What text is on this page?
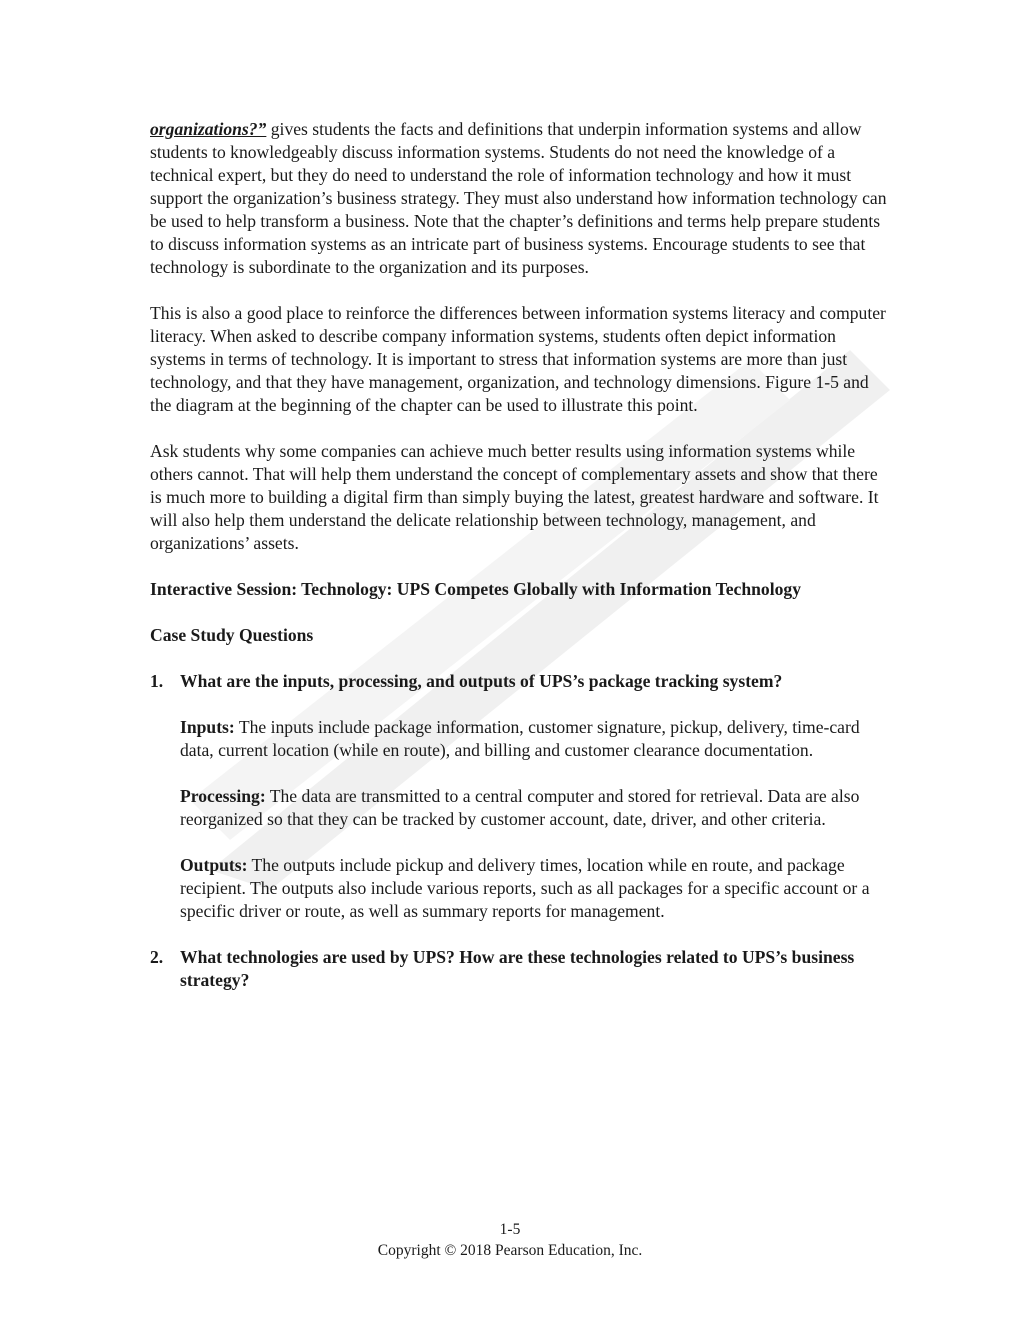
organizations?” gives students the facts and definitions that underpin information systems and allow students to knowledgeably discuss information systems. Students do not need the knowledge of a technical expert, but they do need to understand the role of information technology and how it must support the organization’s business strategy. They must also understand how information technology can be used to help transform a business. Note that the chapter’s definitions and terms help prepare students to discuss information systems as an intricate part of business systems. Encourage students to see that technology is subordinate to the organization and its purposes.

This is also a good place to reinforce the differences between information systems literacy and computer literacy. When asked to describe company information systems, students often depict information systems in terms of technology. It is important to stress that information systems are more than just technology, and that they have management, organization, and technology dimensions. Figure 1-5 and the diagram at the beginning of the chapter can be used to illustrate this point.

Ask students why some companies can achieve much better results using information systems while others cannot. That will help them understand the concept of complementary assets and show that there is much more to building a digital firm than simply buying the latest, greatest hardware and software. It will also help them understand the delicate relationship between technology, management, and organizations’ assets.

Interactive Session: Technology: UPS Competes Globally with Information Technology

Case Study Questions

1. What are the inputs, processing, and outputs of UPS’s package tracking system?

Inputs: The inputs include package information, customer signature, pickup, delivery, time-card data, current location (while en route), and billing and customer clearance documentation.

Processing: The data are transmitted to a central computer and stored for retrieval. Data are also reorganized so that they can be tracked by customer account, date, driver, and other criteria.

Outputs: The outputs include pickup and delivery times, location while en route, and package recipient. The outputs also include various reports, such as all packages for a specific account or a specific driver or route, as well as summary reports for management.

2. What technologies are used by UPS? How are these technologies related to UPS’s business strategy?

1-5
Copyright © 2018 Pearson Education, Inc.
